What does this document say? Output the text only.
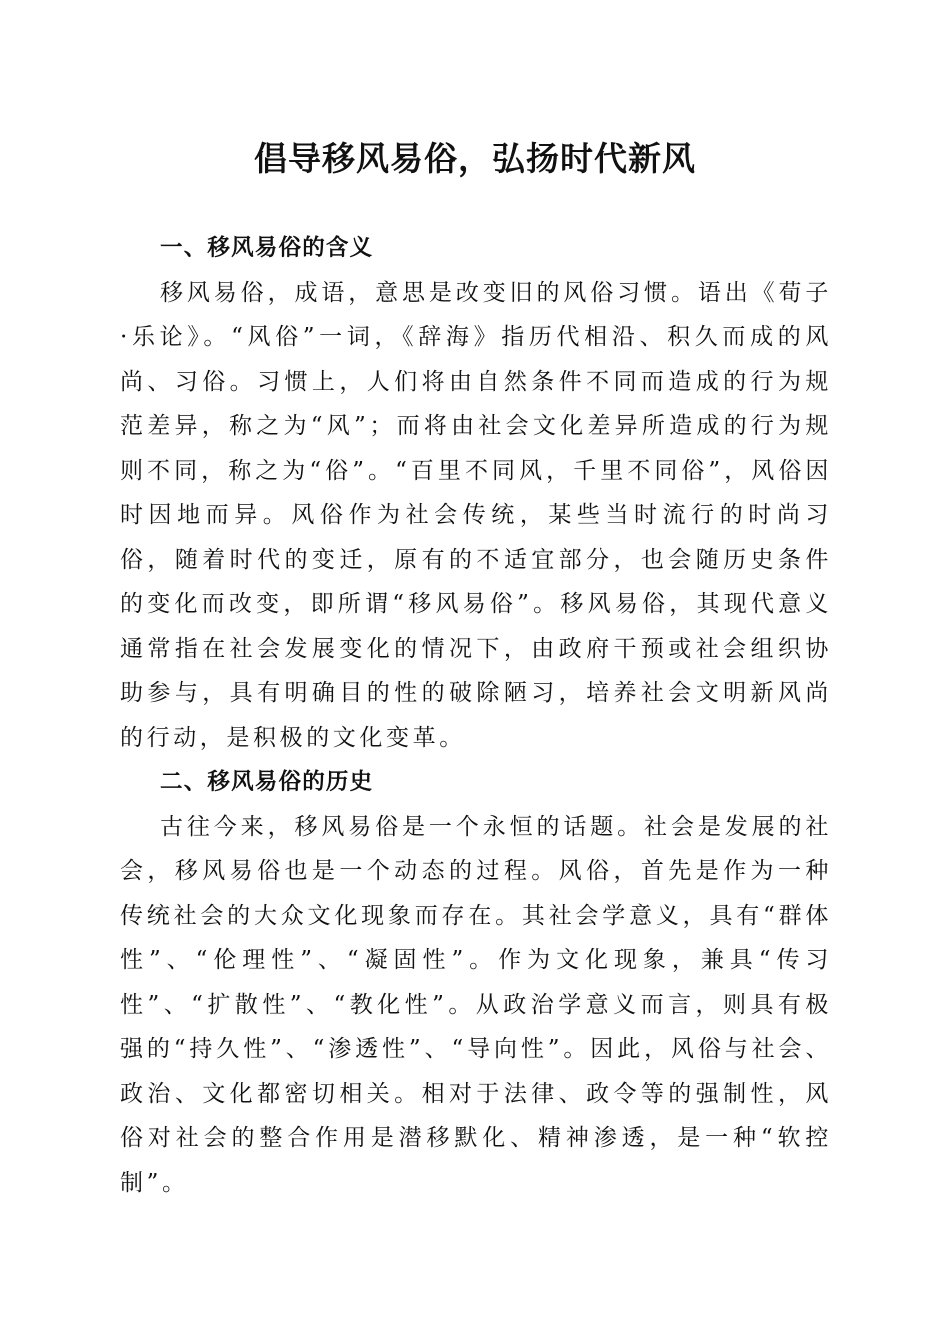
倡导移风易俗，弘扬时代新风

一、移风易俗的含义

移风易俗，成语，意思是改变旧的风俗习惯。语出《荀子·乐论》。“风俗”一词，《辞海》指历代相沿、积久而成的风尚、习俗。习惯上，人们将由自然条件不同而造成的行为规范差异，称之为“风”；而将由社会文化差异所造成的行为规则不同，称之为“俗”。“百里不同风，千里不同俗”，风俗因时因地而异。风俗作为社会传统，某些当时流行的时尚习俗，随着时代的变迁，原有的不适宜部分，也会随历史条件的变化而改变，即所谓“移风易俗”。移风易俗，其现代意义通常指在社会发展变化的情况下，由政府干预或社会组织协助参与，具有明确目的性的破除陋习，培养社会文明新风尚的行动，是积极的文化变革。

二、移风易俗的历史

古往今来，移风易俗是一个永恒的话题。社会是发展的社会，移风易俗也是一个动态的过程。风俗，首先是作为一种传统社会的大众文化现象而存在。其社会学意义，具有“群体性”、“伦理性”、“凝固性”。作为文化现象，兼具“传习性”、“扩散性”、“教化性”。从政治学意义而言，则具有极强的“持久性”、“渗透性”、“导向性”。因此，风俗与社会、政治、文化都密切相关。相对于法律、政令等的强制性，风俗对社会的整合作用是潜移默化、精神渗透，是一种“软控制”。
